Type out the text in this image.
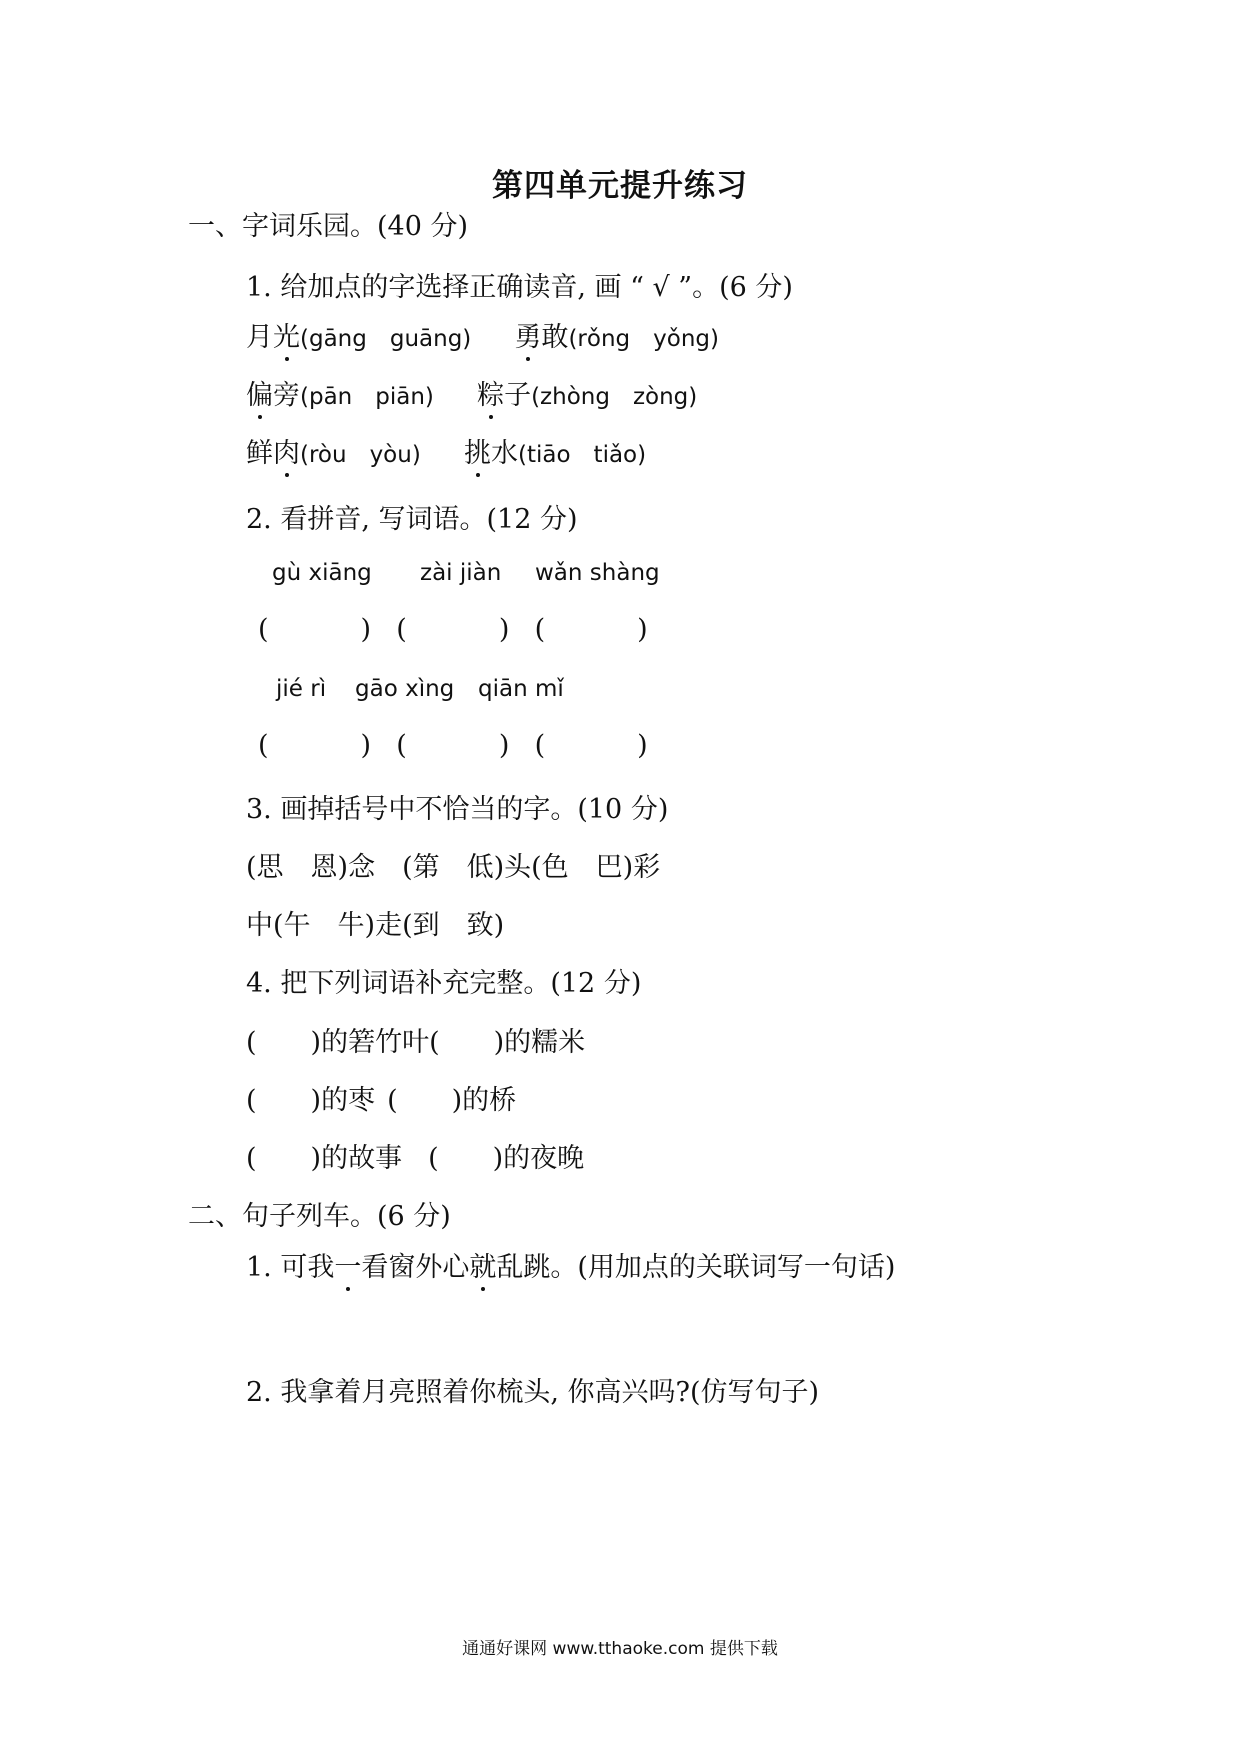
第四单元提升练习
一、字词乐园。(40 分)
1. 给加点的字选择正确读音, 画 “ √ ”。(6 分)
月光(gāng　guāng) 勇敢(rǒng　yǒng)
偏旁(pān　piān) 粽子(zhòng　zòng)
鲜肉(ròu　yòu) 挑水(tiāo　tiǎo)
2. 看拼音, 写词语。(12 分)
gù xiāng zài jiàn wǎn shàng
(	) (	) (	)
jié rì gāo xìng qiān mǐ
(	) (	) (	)
3. 画掉括号中不恰当的字。(10 分)
(思　恩)念　(第　低)头(色　巴)彩
中(午　牛)走(到　致)
4. 把下列词语补充完整。(12 分)
(　　)的箬竹叶(　　)的糯米
(　　)的枣 (　　)的桥
(　　)的故事 (　　)的夜晚
二、句子列车。(6 分)
1. 可我一看窗外心就乱跳。(用加点的关联词写一句话)
2. 我拿着月亮照着你梳头, 你高兴吗?(仿写句子)
通通好课网 www.tthaoke.com 提供下载
